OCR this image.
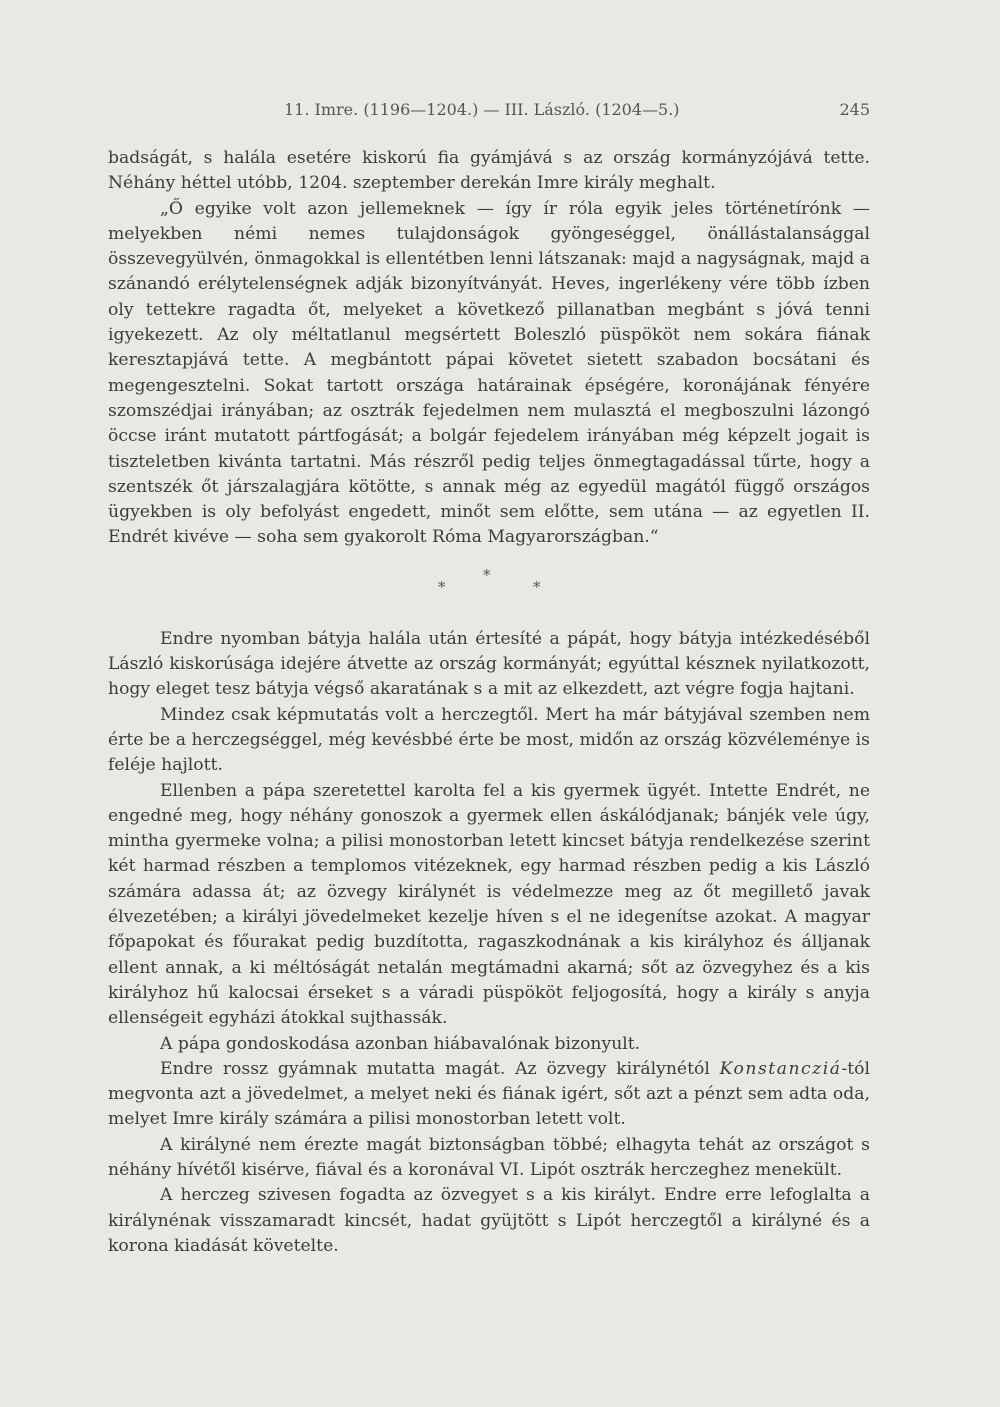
11. Imre. (1196—1204.) — III. László. (1204—5.)	245

badságát, s halála esetére kiskorú fia gyámjává s az ország kormányzójává tette. Néhány héttel utóbb, 1204. szeptember derekán Imre király meghalt.

„Ő egyike volt azon jellemeknek — így ír róla egyik jeles történetírónk — melyekben némi nemes tulajdonságok gyöngeséggel, önállástalansággal összevegyülvén, önmagokkal is ellentétben lenni látszanak: majd a nagyságnak, majd a szánandó erélytelenségnek adják bizonyítványát. Heves, ingerlékeny vére több ízben oly tettekre ragadta őt, melyeket a következő pillanatban megbánt s jóvá tenni igyekezett. Az oly méltatlanul megsértett Boleszló püspököt nem sokára fiának keresztapjává tette. A megbántott pápai követet sietett szabadon bocsátani és megengesztelni. Sokat tartott országa határainak épségére, koronájának fényére szomszédjai irányában; az osztrák fejedelmen nem mulasztá el megboszulni lázongó öccse iránt mutatott pártfogását; a bolgár fejedelem irányában még képzelt jogait is tiszteletben kivánta tartatni. Más részről pedig teljes önmegtagadással tűrte, hogy a szentszék őt járszalagjára kötötte, s annak még az egyedül magától függő országos ügyekben is oly befolyást engedett, minőt sem előtte, sem utána — az egyetlen II. Endrét kivéve — soha sem gyakorolt Róma Magyarországban.“

*
*
*

Endre nyomban bátyja halála után értesíté a pápát, hogy bátyja intézkedéséből László kiskorúsága idejére átvette az ország kormányát; egyúttal késznek nyilatkozott, hogy eleget tesz bátyja végső akaratának s a mit az elkezdett, azt végre fogja hajtani.

Mindez csak képmutatás volt a herczegtől. Mert ha már bátyjával szemben nem érte be a herczegséggel, még kevésbbé érte be most, midőn az ország közvéleménye is feléje hajlott.

Ellenben a pápa szeretettel karolta fel a kis gyermek ügyét. Intette Endrét, ne engedné meg, hogy néhány gonoszok a gyermek ellen áskálódjanak; bánjék vele úgy, mintha gyermeke volna; a pilisi monostorban letett kincset bátyja rendelkezése szerint két harmad részben a templomos vitézeknek, egy harmad részben pedig a kis László számára adassa át; az özvegy királynét is védelmezze meg az őt megillető javak élvezetében; a királyi jövedelmeket kezelje híven s el ne idegenítse azokat. A magyar főpapokat és főurakat pedig buzdította, ragaszkodnának a kis királyhoz és álljanak ellent annak, a ki méltóságát netalán megtámadni akarná; sőt az özvegyhez és a kis királyhoz hű kalocsai érseket s a váradi püspököt feljogosítá, hogy a király s anyja ellenségeit egyházi átokkal sujthassák.

A pápa gondoskodása azonban hiábavalónak bizonyult.

Endre rossz gyámnak mutatta magát. Az özvegy királynétól Konstancziá-tól megvonta azt a jövedelmet, a melyet neki és fiának igért, sőt azt a pénzt sem adta oda, melyet Imre király számára a pilisi monostorban letett volt.

A királyné nem érezte magát biztonságban többé; elhagyta tehát az országot s néhány hívétől kisérve, fiával és a koronával VI. Lipót osztrák herczeghez menekült.

A herczeg szivesen fogadta az özvegyet s a kis királyt. Endre erre lefoglalta a királynénak visszamaradt kincsét, hadat gyüjtött s Lipót herczegtől a királyné és a korona kiadását követelte.
